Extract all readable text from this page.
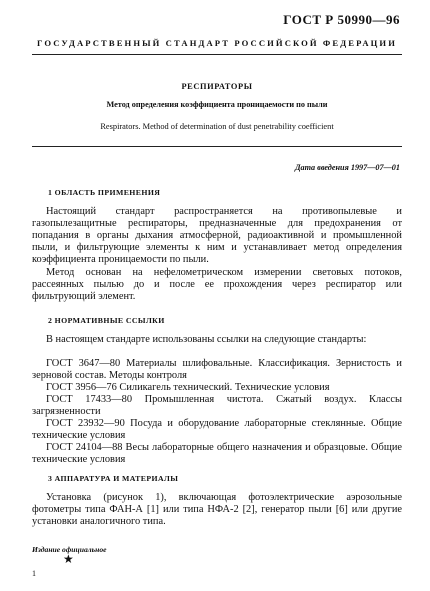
ГОСТ Р 50990—96
ГОСУДАРСТВЕННЫЙ СТАНДАРТ РОССИЙСКОЙ ФЕДЕРАЦИИ
РЕСПИРАТОРЫ
Метод определения коэффициента проницаемости по пыли
Respirators. Method of determination of dust penetrability coefficient
Дата введения 1997—07—01
1 ОБЛАСТЬ ПРИМЕНЕНИЯ
Настоящий стандарт распространяется на противопылевые и газопылезащитные респираторы, предназначенные для предохранения от попадания в органы дыхания атмосферной, радиоактивной и промышленной пыли, и фильтрующие элементы к ним и устанавливает метод определения коэффициента проницаемости по пыли.
Метод основан на нефелометрическом измерении световых потоков, рассеянных пылью до и после ее прохождения через респиратор или фильтрующий элемент.
2 НОРМАТИВНЫЕ ССЫЛКИ
В настоящем стандарте использованы ссылки на следующие стандарты:
ГОСТ 3647—80 Материалы шлифовальные. Классификация. Зернистость и зерновой состав. Методы контроля
ГОСТ 3956—76 Силикагель технический. Технические условия
ГОСТ 17433—80 Промышленная чистота. Сжатый воздух. Классы загрязненности
ГОСТ 23932—90 Посуда и оборудование лабораторные стеклянные. Общие технические условия
ГОСТ 24104—88 Весы лабораторные общего назначения и образцовые. Общие технические условия
3 АППАРАТУРА И МАТЕРИАЛЫ
Установка (рисунок 1), включающая фотоэлектрические аэрозольные фотометры типа ФАН-А [1] или типа НФА-2 [2], генератор пыли [6] или другие установки аналогичного типа.
Издание официальное
★
1
